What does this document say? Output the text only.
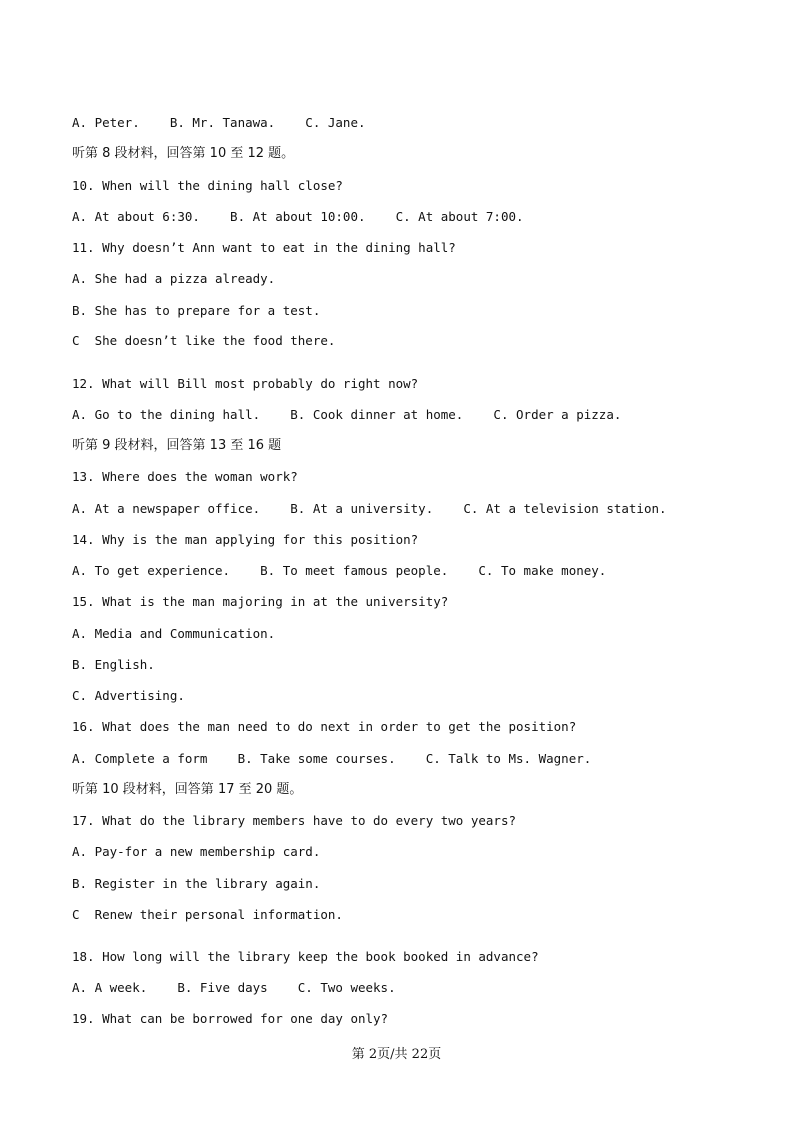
A. Peter.    B. Mr. Tanawa.    C. Jane.

听第 8 段材料，回答第 10 至 12 题。

10. When will the dining hall close?

A. At about 6:30.    B. At about 10:00.    C. At about 7:00.

11. Why doesn’t Ann want to eat in the dining hall?

A. She had a pizza already.

B. She has to prepare for a test.

C  She doesn’t like the food there.

12. What will Bill most probably do right now?

A. Go to the dining hall.    B. Cook dinner at home.    C. Order a pizza.

听第 9 段材料，回答第 13 至 16 题

13. Where does the woman work?

A. At a newspaper office.    B. At a university.    C. At a television station.

14. Why is the man applying for this position?

A. To get experience.    B. To meet famous people.    C. To make money.

15. What is the man majoring in at the university?

A. Media and Communication.

B. English.

C. Advertising.

16. What does the man need to do next in order to get the position?

A. Complete a form    B. Take some courses.    C. Talk to Ms. Wagner.

听第 10 段材料，回答第 17 至 20 题。

17. What do the library members have to do every two years?

A. Pay-for a new membership card.

B. Register in the library again.

C  Renew their personal information.

18. How long will the library keep the book booked in advance?

A. A week.    B. Five days    C. Two weeks.

19. What can be borrowed for one day only?

第 2页/共 22页
